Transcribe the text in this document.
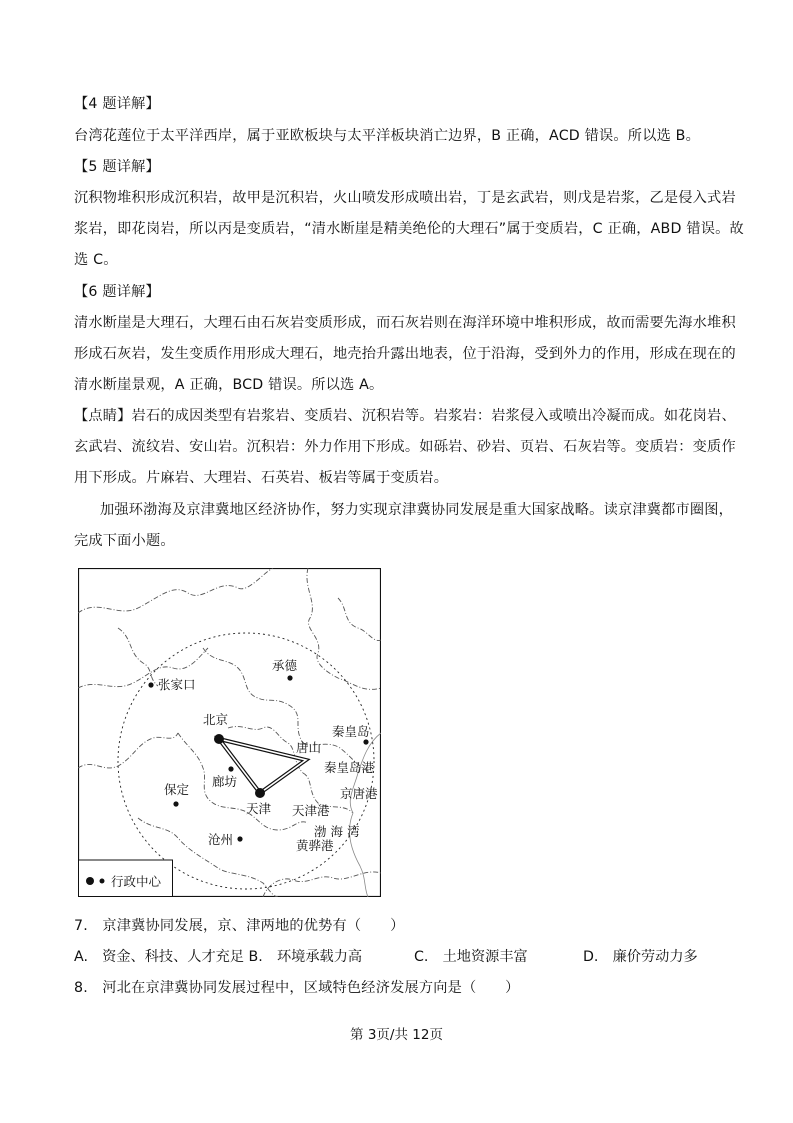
【4 题详解】
台湾花莲位于太平洋西岸，属于亚欧板块与太平洋板块消亡边界，B 正确，ACD 错误。所以选 B。
【5 题详解】
沉积物堆积形成沉积岩，故甲是沉积岩，火山喷发形成喷出岩，丁是玄武岩，则戊是岩浆，乙是侵入式岩
浆岩，即花岗岩，所以丙是变质岩，“清水断崖是精美绝伦的大理石”属于变质岩，C 正确，ABD 错误。故
选 C。
【6 题详解】
清水断崖是大理石，大理石由石灰岩变质形成，而石灰岩则在海洋环境中堆积形成，故而需要先海水堆积
形成石灰岩，发生变质作用形成大理石，地壳抬升露出地表，位于沿海，受到外力的作用，形成在现在的
清水断崖景观，A 正确，BCD 错误。所以选 A。
【点睛】岩石的成因类型有岩浆岩、变质岩、沉积岩等。岩浆岩：岩浆侵入或喷出冷凝而成。如花岗岩、
玄武岩、流纹岩、安山岩。沉积岩：外力作用下形成。如砾岩、砂岩、页岩、石灰岩等。变质岩：变质作
用下形成。片麻岩、大理岩、石英岩、板岩等属于变质岩。
加强环渤海及京津冀地区经济协作，努力实现京津冀协同发展是重大国家战略。读京津冀都市圈图，
完成下面小题。
承德
张家口
北京
秦皇岛
唐山
秦皇岛港
廊坊
保定	京唐港
天津 天津港
渤 海 湾
沧州	黄骅港
行政中心
7.　京津冀协同发展，京、津两地的优势有（　　）
A.　资金、科技、人才充足 B.　环境承载力高	C.　土地资源丰富	D.　廉价劳动力多
8.　河北在京津冀协同发展过程中，区域特色经济发展方向是（　　）
第 3页/共 12页
